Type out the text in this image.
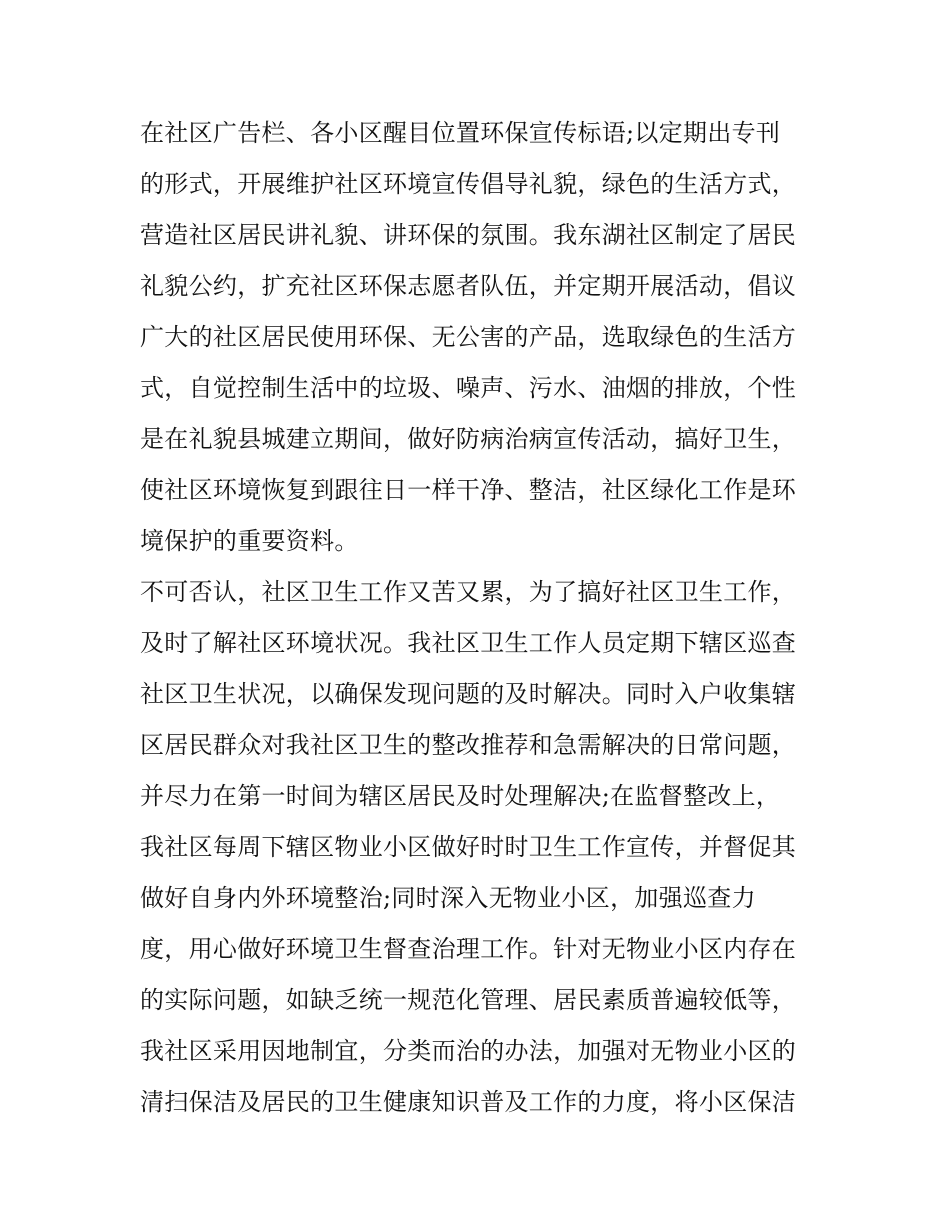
在社区广告栏、各小区醒目位置环保宣传标语;以定期出专刊
的形式，开展维护社区环境宣传倡导礼貌，绿色的生活方式，
营造社区居民讲礼貌、讲环保的氛围。我东湖社区制定了居民
礼貌公约，扩充社区环保志愿者队伍，并定期开展活动，倡议
广大的社区居民使用环保、无公害的产品，选取绿色的生活方
式，自觉控制生活中的垃圾、噪声、污水、油烟的排放，个性
是在礼貌县城建立期间，做好防病治病宣传活动，搞好卫生，
使社区环境恢复到跟往日一样干净、整洁，社区绿化工作是环
境保护的重要资料。
不可否认，社区卫生工作又苦又累，为了搞好社区卫生工作，
及时了解社区环境状况。我社区卫生工作人员定期下辖区巡查
社区卫生状况，以确保发现问题的及时解决。同时入户收集辖
区居民群众对我社区卫生的整改推荐和急需解决的日常问题，
并尽力在第一时间为辖区居民及时处理解决;在监督整改上，
我社区每周下辖区物业小区做好时时卫生工作宣传，并督促其
做好自身内外环境整治;同时深入无物业小区，加强巡查力
度，用心做好环境卫生督查治理工作。针对无物业小区内存在
的实际问题，如缺乏统一规范化管理、居民素质普遍较低等，
我社区采用因地制宜，分类而治的办法，加强对无物业小区的
清扫保洁及居民的卫生健康知识普及工作的力度，将小区保洁
